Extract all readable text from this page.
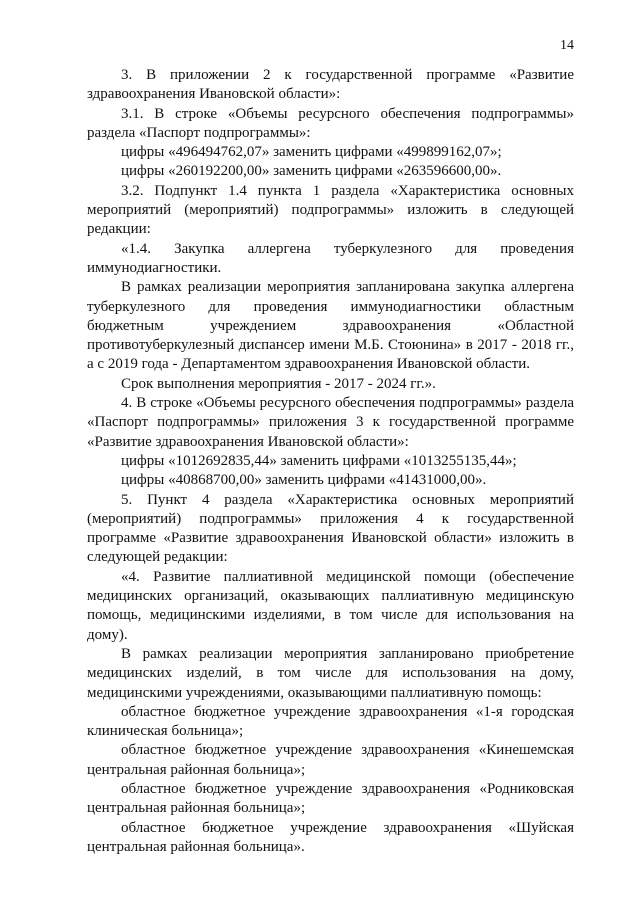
14

3. В приложении 2 к государственной программе «Развитие здравоохранения Ивановской области»:

3.1. В строке «Объемы ресурсного обеспечения подпрограммы» раздела «Паспорт подпрограммы»:

цифры «496494762,07» заменить цифрами «499899162,07»;

цифры «260192200,00» заменить цифрами «263596600,00».

3.2. Подпункт 1.4 пункта 1 раздела «Характеристика основных мероприятий (мероприятий) подпрограммы» изложить в следующей редакции:

«1.4. Закупка аллергена туберкулезного для проведения иммунодиагностики.

В рамках реализации мероприятия запланирована закупка аллергена туберкулезного для проведения иммунодиагностики областным бюджетным учреждением здравоохранения «Областной противотуберкулезный диспансер имени М.Б. Стоюнина» в 2017 - 2018 гг., а с 2019 года - Департаментом здравоохранения Ивановской области.

Срок выполнения мероприятия - 2017 - 2024 гг.».

4. В строке «Объемы ресурсного обеспечения подпрограммы» раздела «Паспорт подпрограммы» приложения 3 к государственной программе «Развитие здравоохранения Ивановской области»:

цифры «1012692835,44» заменить цифрами «1013255135,44»;

цифры «40868700,00» заменить цифрами «41431000,00».

5. Пункт 4 раздела «Характеристика основных мероприятий (мероприятий) подпрограммы» приложения 4 к государственной программе «Развитие здравоохранения Ивановской области» изложить в следующей редакции:

«4. Развитие паллиативной медицинской помощи (обеспечение медицинских организаций, оказывающих паллиативную медицинскую помощь, медицинскими изделиями, в том числе для использования на дому).

В рамках реализации мероприятия запланировано приобретение медицинских изделий, в том числе для использования на дому, медицинскими учреждениями, оказывающими паллиативную помощь:

областное бюджетное учреждение здравоохранения «1-я городская клиническая больница»;

областное бюджетное учреждение здравоохранения «Кинешемская центральная районная больница»;

областное бюджетное учреждение здравоохранения «Родниковская центральная районная больница»;

областное бюджетное учреждение здравоохранения «Шуйская центральная районная больница».
